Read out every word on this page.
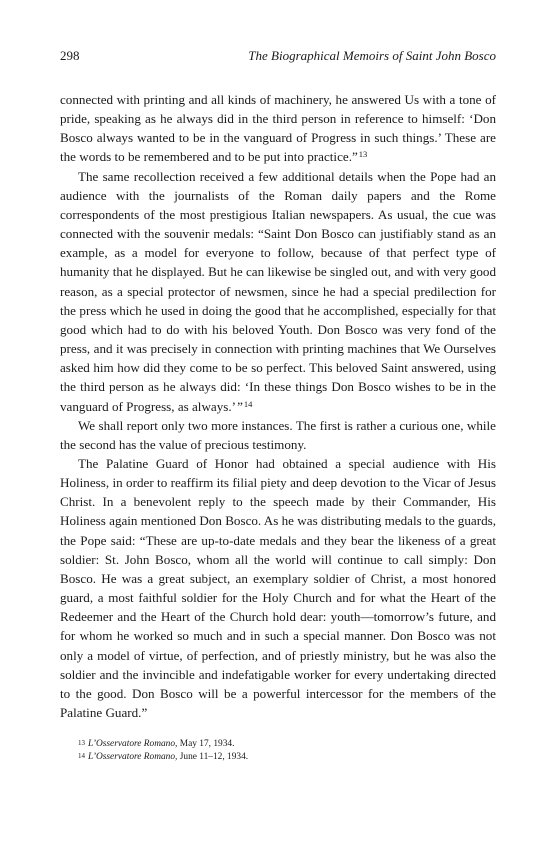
298	The Biographical Memoirs of Saint John Bosco

connected with printing and all kinds of machinery, he answered Us with a tone of pride, speaking as he always did in the third person in reference to himself: ‘Don Bosco always wanted to be in the vanguard of Progress in such things.’ These are the words to be remembered and to be put into practice.”$^{13}$

The same recollection received a few additional details when the Pope had an audience with the journalists of the Roman daily papers and the Rome correspondents of the most prestigious Italian newspapers. As usual, the cue was connected with the souvenir medals: “Saint Don Bosco can justifiably stand as an example, as a model for everyone to follow, because of that perfect type of humanity that he displayed. But he can likewise be singled out, and with very good reason, as a special protector of newsmen, since he had a special predilection for the press which he used in doing the good that he accomplished, especially for that good which had to do with his beloved Youth. Don Bosco was very fond of the press, and it was precisely in connection with printing machines that We Ourselves asked him how did they come to be so perfect. This beloved Saint answered, using the third person as he always did: ‘In these things Don Bosco wishes to be in the vanguard of Progress, as always.’ ”$^{14}$

We shall report only two more instances. The first is rather a curious one, while the second has the value of precious testimony.

The Palatine Guard of Honor had obtained a special audience with His Holiness, in order to reaffirm its filial piety and deep devotion to the Vicar of Jesus Christ. In a benevolent reply to the speech made by their Commander, His Holiness again mentioned Don Bosco. As he was distributing medals to the guards, the Pope said: “These are up-to-date medals and they bear the likeness of a great soldier: St. John Bosco, whom all the world will continue to call simply: Don Bosco. He was a great subject, an exemplary soldier of Christ, a most honored guard, a most faithful soldier for the Holy Church and for what the Heart of the Redeemer and the Heart of the Church hold dear: youth—tomorrow’s future, and for whom he worked so much and in such a special manner. Don Bosco was not only a model of virtue, of perfection, and of priestly ministry, but he was also the soldier and the invincible and indefatigable worker for every undertaking directed to the good. Don Bosco will be a powerful intercessor for the members of the Palatine Guard.”

$^{13}$ L’Osservatore Romano, May 17, 1934.

$^{14}$ L’Osservatore Romano, June 11–12, 1934.
